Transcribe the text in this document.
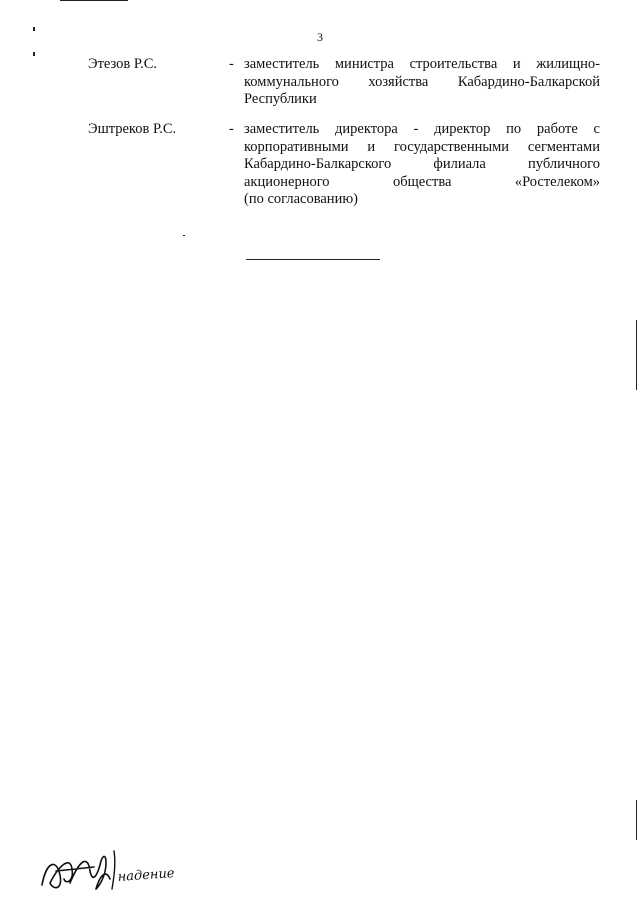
3
Этезов Р.С.	- заместитель министра строительства и жилищно-
коммунального хозяйства Кабардино-Балкарской
Республики
Эштреков Р.С.	- заместитель директора - директор по работе с
корпоративными и государственными сегментами
Кабардино-Балкарского филиала публичного
акционерного общества «Ростелеком»
(по согласованию)
надение
